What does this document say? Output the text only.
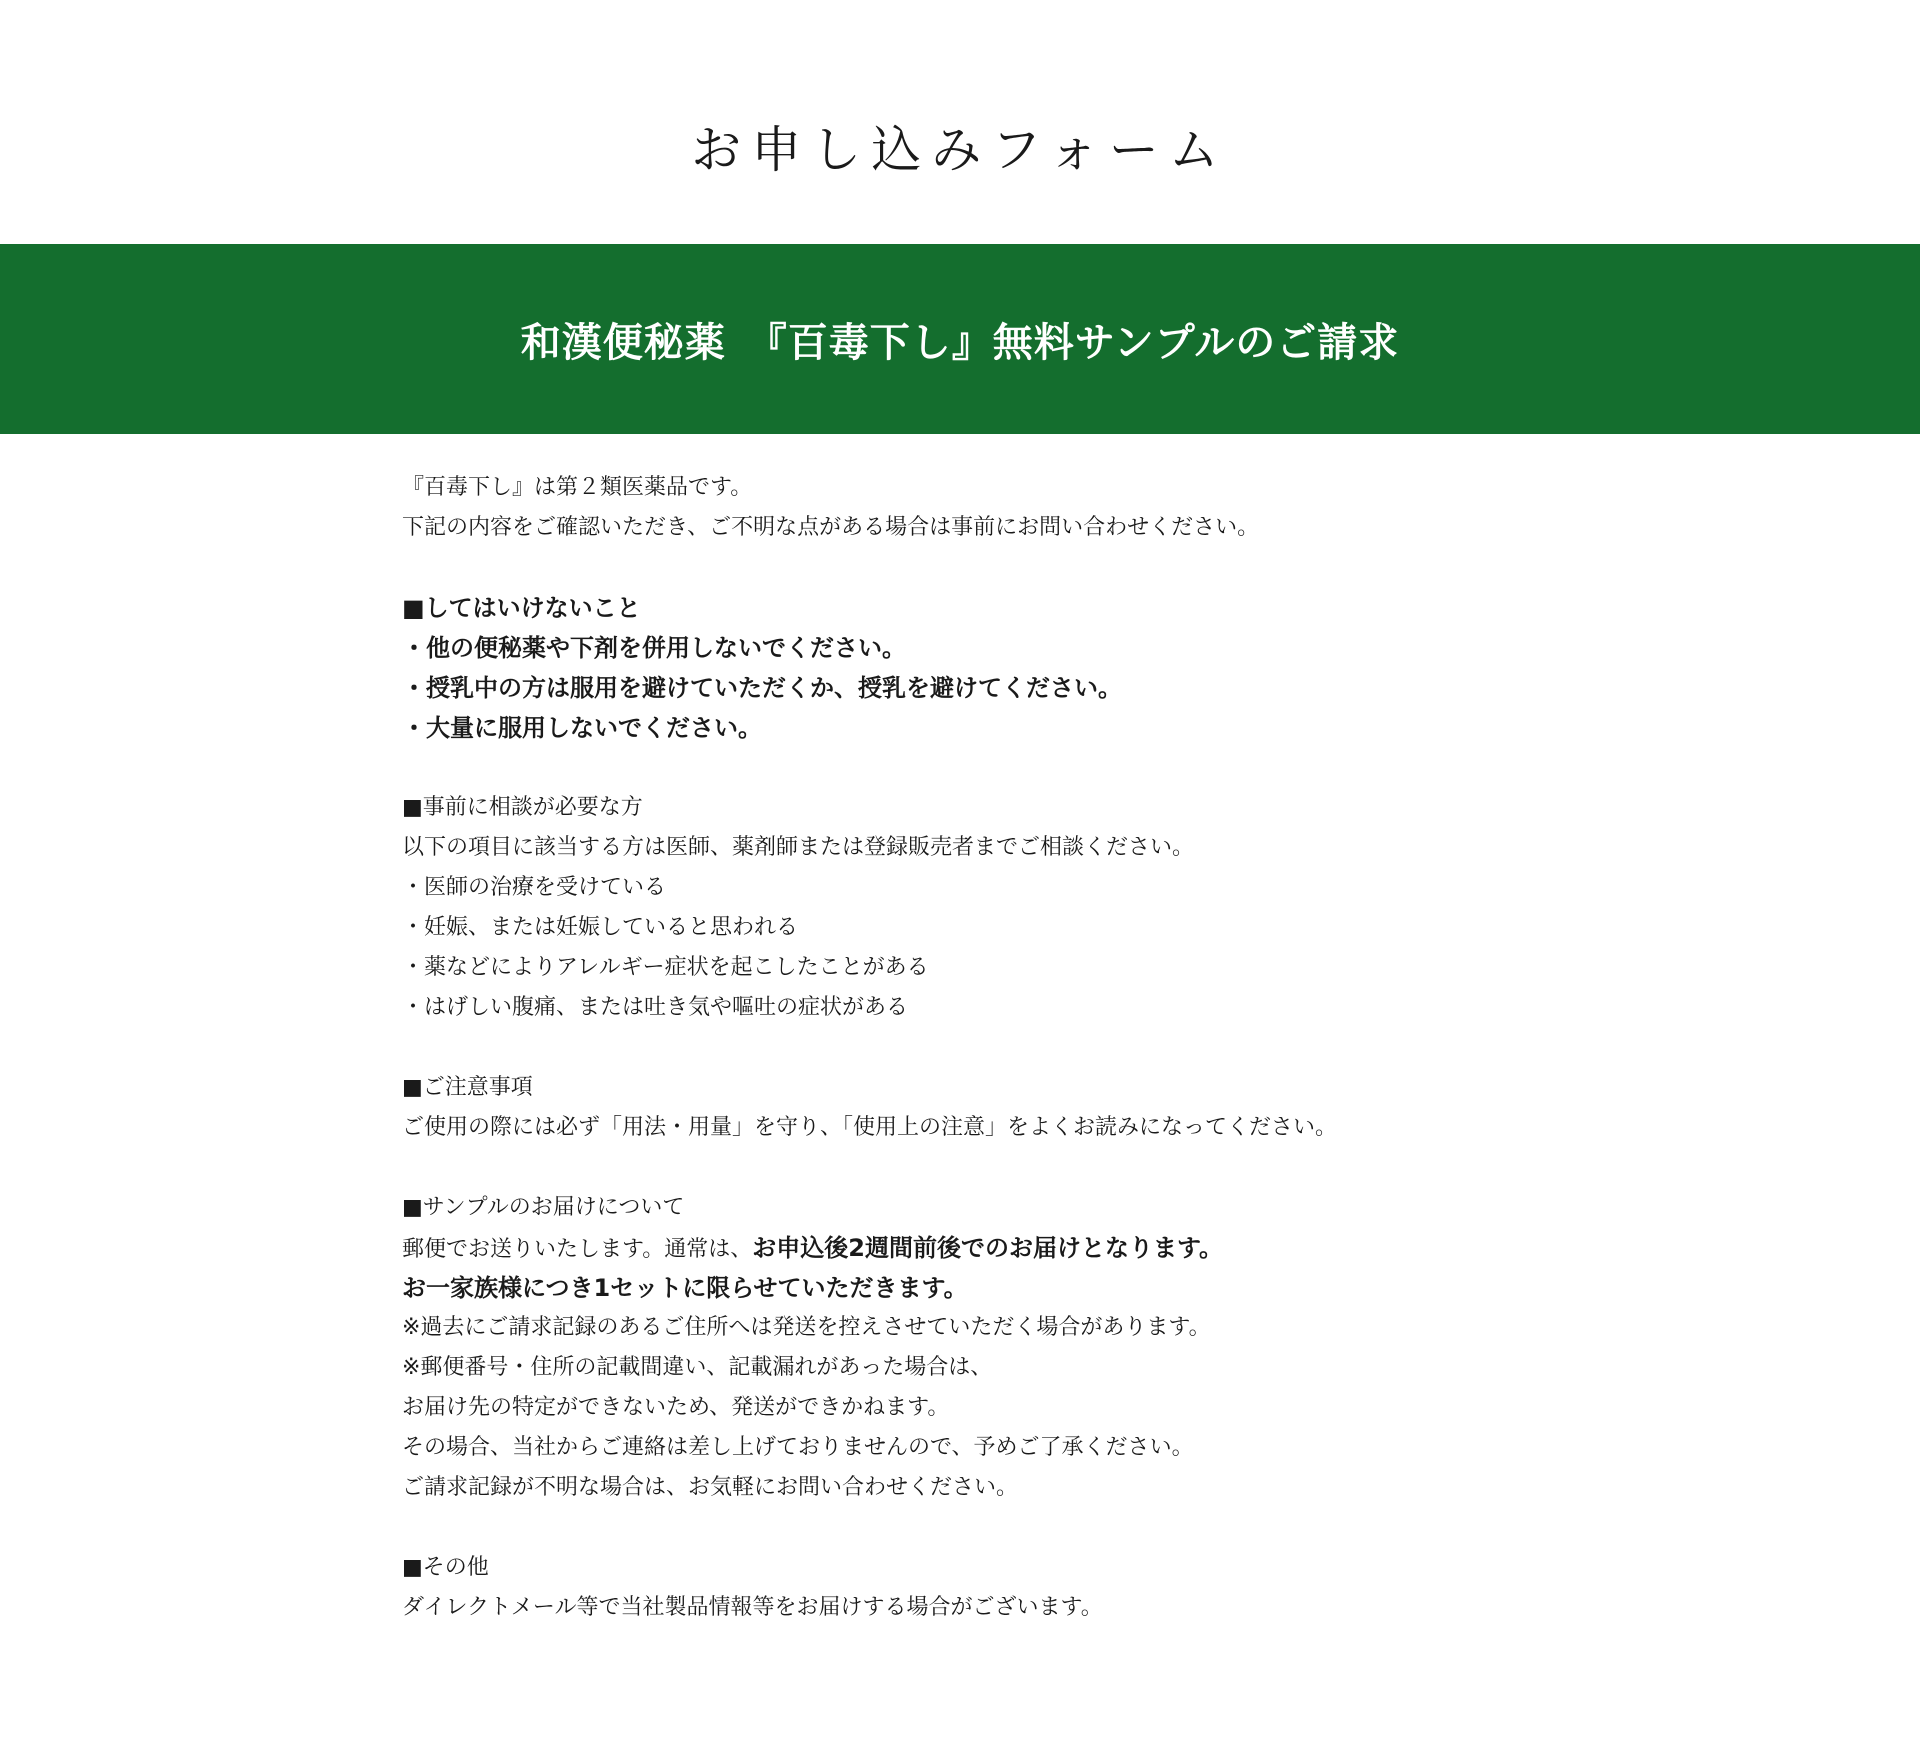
お申し込みフォーム
和漢便秘薬　『百毒下し』無料サンプルのご請求
『百毒下し』は第２類医薬品です。
下記の内容をご確認いただき、ご不明な点がある場合は事前にお問い合わせください。
■してはいけないこと
・他の便秘薬や下剤を併用しないでください。
・授乳中の方は服用を避けていただくか、授乳を避けてください。
・大量に服用しないでください。
■事前に相談が必要な方
以下の項目に該当する方は医師、薬剤師または登録販売者までご相談ください。
・医師の治療を受けている
・妊娠、または妊娠していると思われる
・薬などによりアレルギー症状を起こしたことがある
・はげしい腹痛、または吐き気や嘔吐の症状がある
■ご注意事項
ご使用の際には必ず「用法・用量」を守り、「使用上の注意」をよくお読みになってください。
■サンプルのお届けについて
郵便でお送りいたします。通常は、お申込後2週間前後でのお届けとなります。
お一家族様につき1セットに限らせていただきます。
※過去にご請求記録のあるご住所へは発送を控えさせていただく場合があります。
※郵便番号・住所の記載間違い、記載漏れがあった場合は、
お届け先の特定ができないため、発送ができかねます。
その場合、当社からご連絡は差し上げておりませんので、予めご了承ください。
ご請求記録が不明な場合は、お気軽にお問い合わせください。
■その他
ダイレクトメール等で当社製品情報等をお届けする場合がございます。
